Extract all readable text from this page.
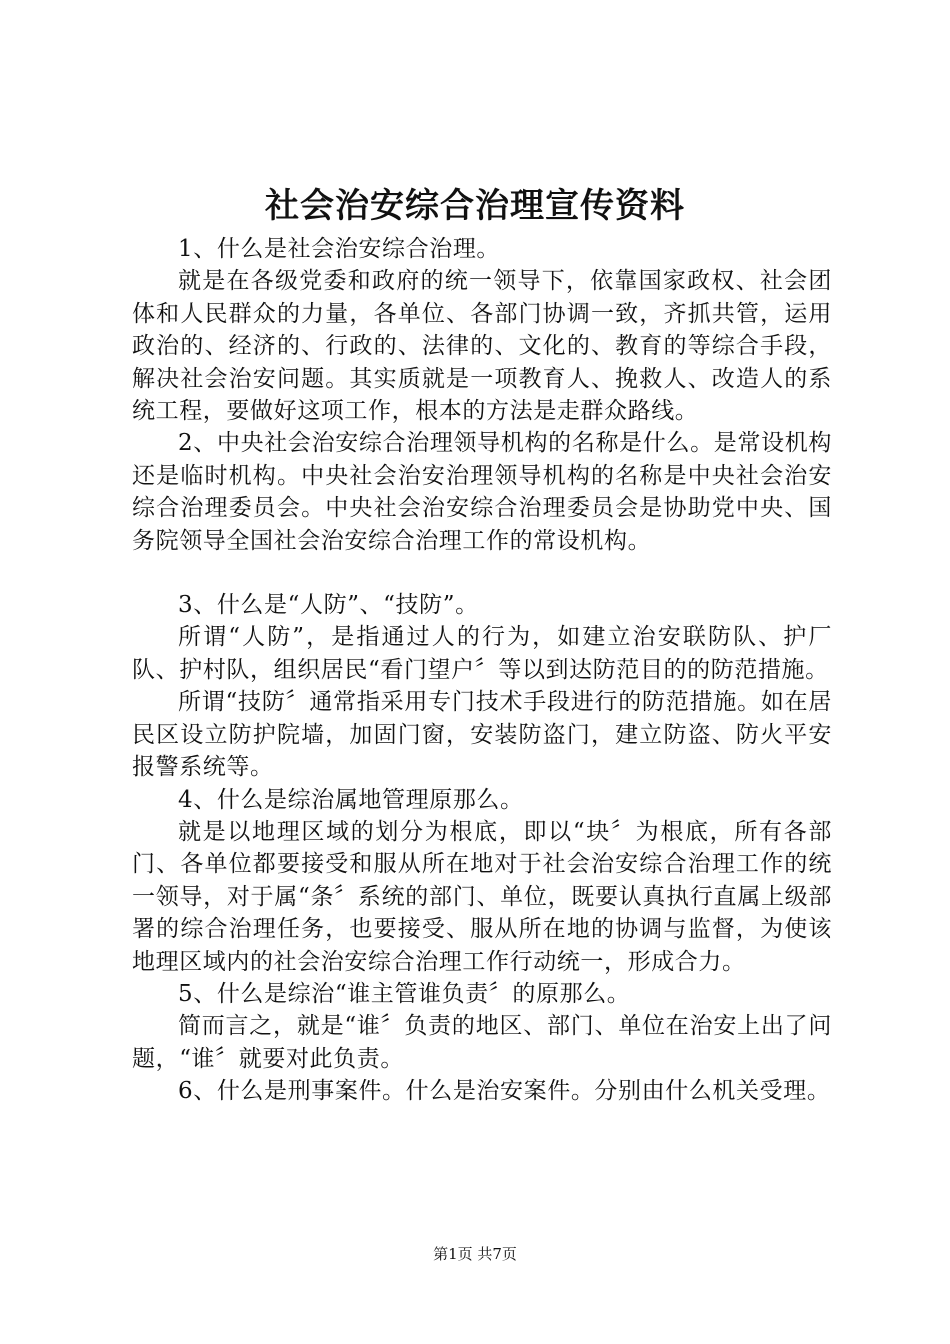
社会治安综合治理宣传资料

1、什么是社会治安综合治理。

就是在各级党委和政府的统一领导下，依靠国家政权、社会团体和人民群众的力量，各单位、各部门协调一致，齐抓共管，运用政治的、经济的、行政的、法律的、文化的、教育的等综合手段，解决社会治安问题。其实质就是一项教育人、挽救人、改造人的系统工程，要做好这项工作，根本的方法是走群众路线。

2、中央社会治安综合治理领导机构的名称是什么。是常设机构还是临时机构。中央社会治安治理领导机构的名称是中央社会治安综合治理委员会。中央社会治安综合治理委员会是协助党中央、国务院领导全国社会治安综合治理工作的常设机构。

3、什么是“人防”、“技防”。

所谓“人防”，是指通过人的行为，如建立治安联防队、护厂队、护村队，组织居民“看门望户〞等以到达防范目的的防范措施。

所谓“技防〞通常指采用专门技术手段进行的防范措施。如在居民区设立防护院墙，加固门窗，安装防盗门，建立防盗、防火平安报警系统等。

4、什么是综治属地管理原那么。

就是以地理区域的划分为根底，即以“块〞为根底，所有各部门、各单位都要接受和服从所在地对于社会治安综合治理工作的统一领导，对于属“条〞系统的部门、单位，既要认真执行直属上级部署的综合治理任务，也要接受、服从所在地的协调与监督，为使该地理区域内的社会治安综合治理工作行动统一，形成合力。

5、什么是综治“谁主管谁负责〞的原那么。

简而言之，就是“谁〞负责的地区、部门、单位在治安上出了问题，“谁〞就要对此负责。

6、什么是刑事案件。什么是治安案件。分别由什么机关受理。

第1页 共7页
